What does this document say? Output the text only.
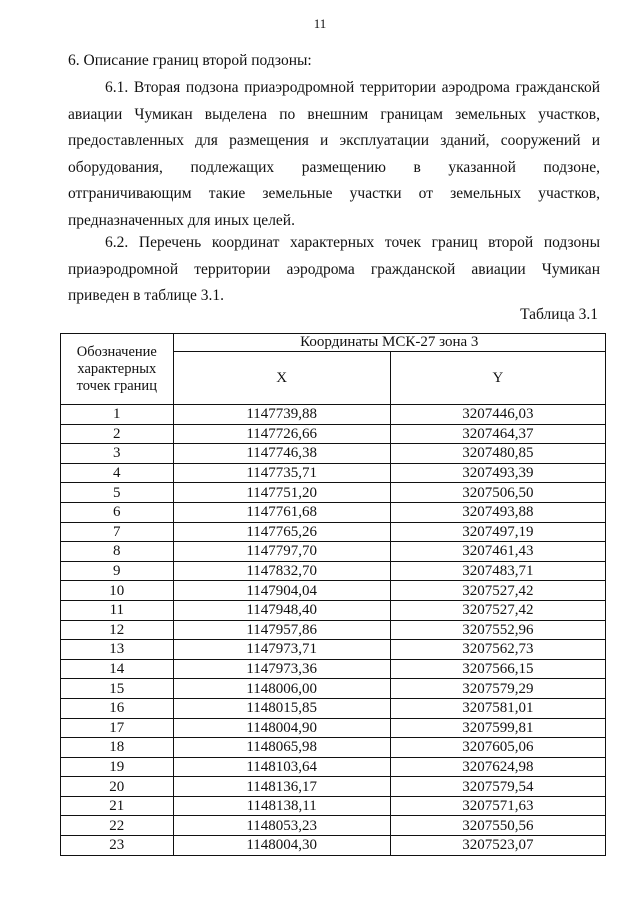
11
6. Описание границ второй подзоны:
6.1. Вторая подзона приаэродромной территории аэродрома гражданской авиации Чумикан выделена по внешним границам земельных участков, предоставленных для размещения и эксплуатации зданий, сооружений и оборудования, подлежащих размещению в указанной подзоне, отграничивающим такие земельные участки от земельных участков, предназначенных для иных целей.
6.2. Перечень координат характерных точек границ второй подзоны приаэродромной территории аэродрома гражданской авиации Чумикан приведен в таблице 3.1.
Таблица 3.1
Обозначение характерных точек границ	Координаты МСК-27 зона 3	
	X	Y
1	1147739,88	3207446,03
2	1147726,66	3207464,37
3	1147746,38	3207480,85
4	1147735,71	3207493,39
5	1147751,20	3207506,50
6	1147761,68	3207493,88
7	1147765,26	3207497,19
8	1147797,70	3207461,43
9	1147832,70	3207483,71
10	1147904,04	3207527,42
11	1147948,40	3207527,42
12	1147957,86	3207552,96
13	1147973,71	3207562,73
14	1147973,36	3207566,15
15	1148006,00	3207579,29
16	1148015,85	3207581,01
17	1148004,90	3207599,81
18	1148065,98	3207605,06
19	1148103,64	3207624,98
20	1148136,17	3207579,54
21	1148138,11	3207571,63
22	1148053,23	3207550,56
23	1148004,30	3207523,07
